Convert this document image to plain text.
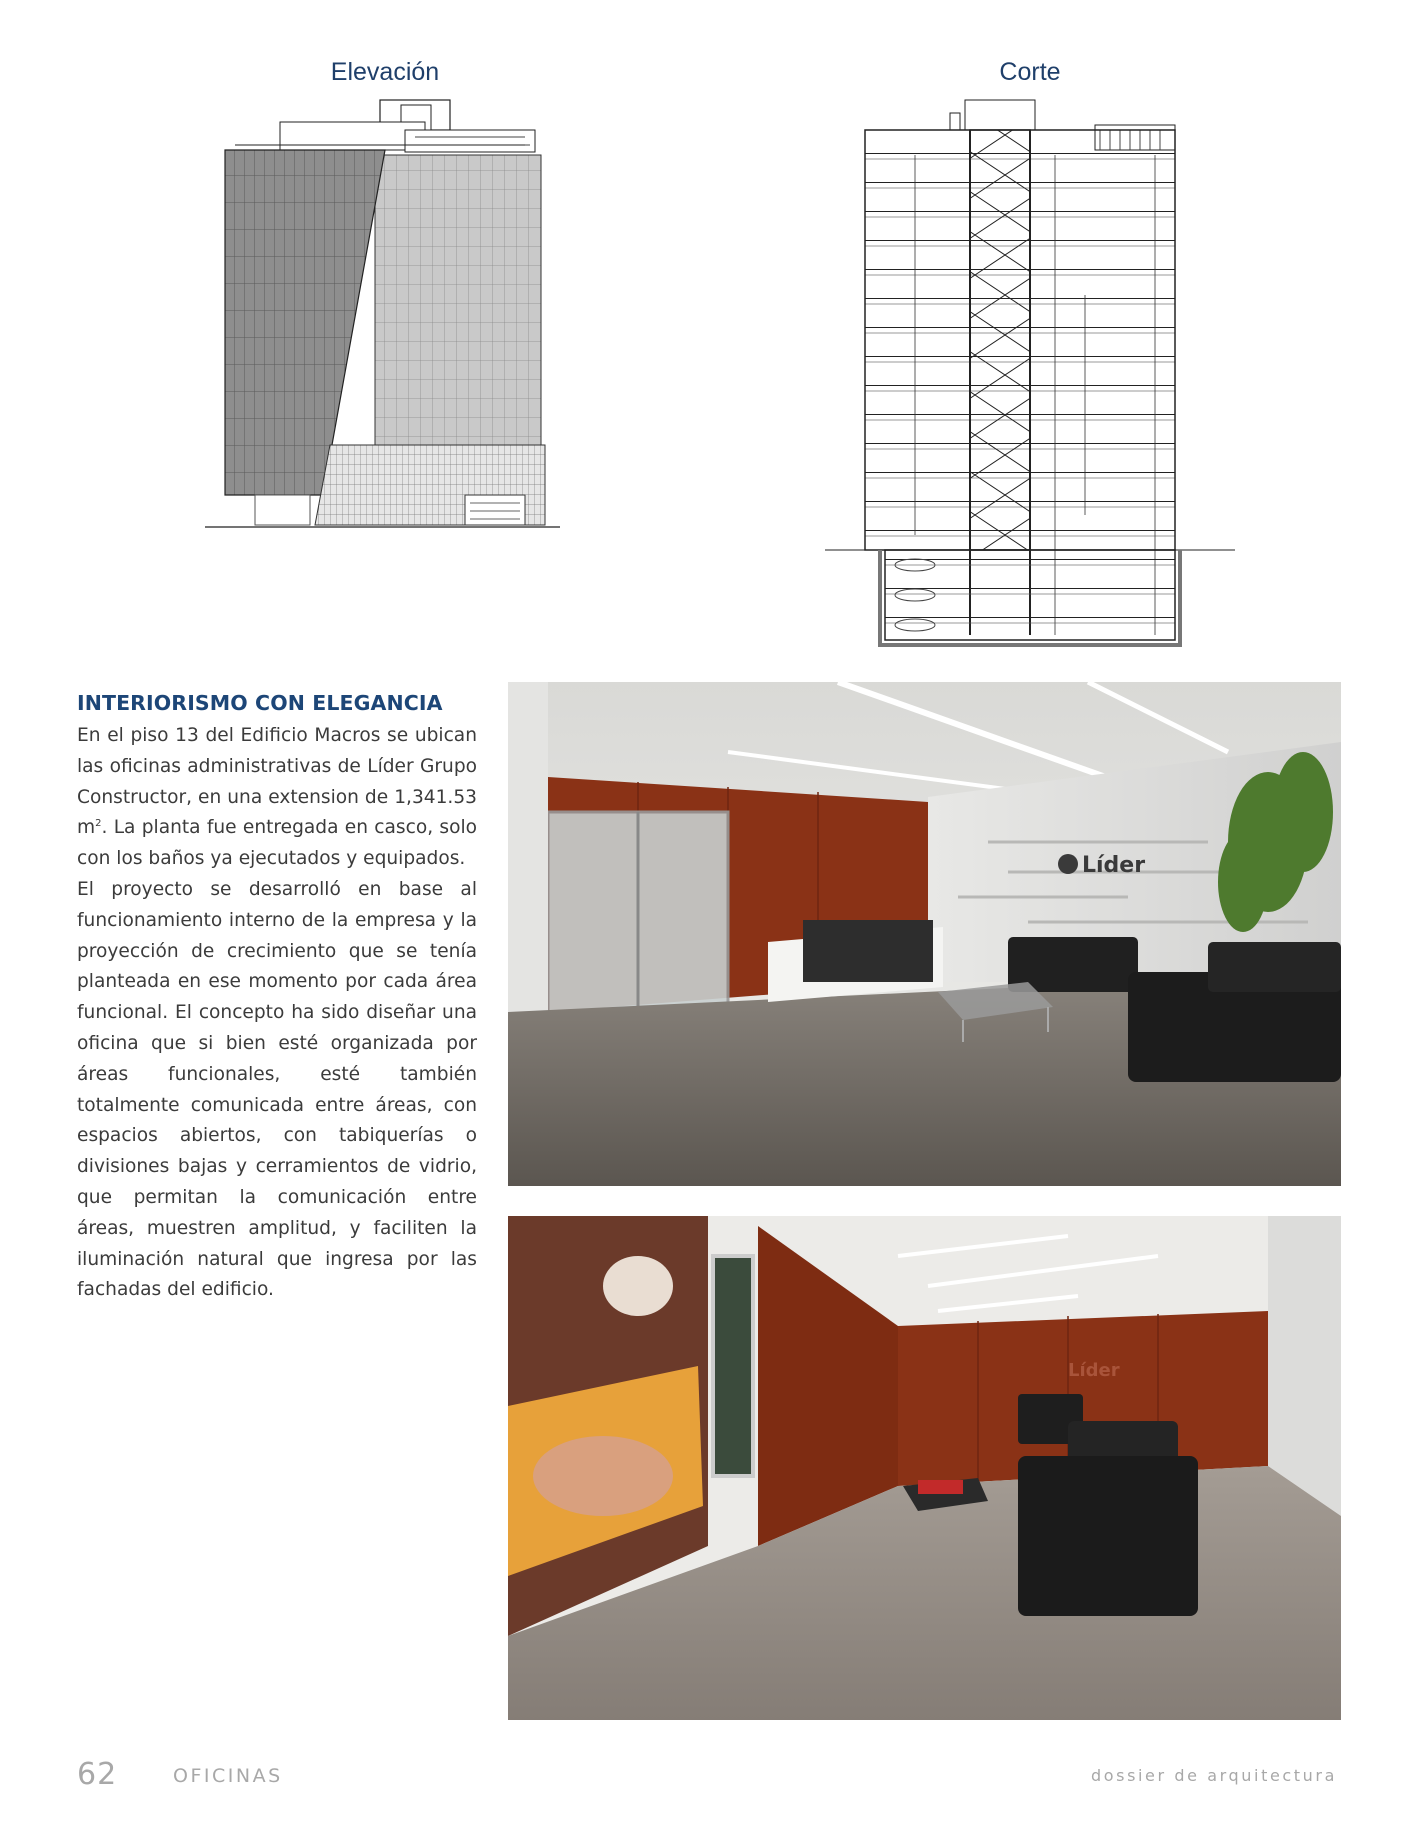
Elevación	Corte
INTERIORISMO CON ELEGANCIA

En el piso 13 del Edificio Macros se ubican las oficinas administrativas de Líder Grupo Constructor, en una extension de 1,341.53 $m^2$. La planta fue entregada en casco, solo con los baños ya ejecutados y equipados.

El proyecto se desarrolló en base al funcionamiento interno de la empresa y la proyección de crecimiento que se tenía planteada en ese momento por cada área funcional. El concepto ha sido diseñar una oficina que si bien esté organizada por áreas funcionales, esté también totalmente comunicada entre áreas, con espacios abiertos, con tabiquerías o divisiones bajas y cerramientos de vidrio, que permitan la comunicación entre áreas, muestren amplitud, y faciliten la iluminación natural que ingresa por las fachadas del edificio.

Líder
Líder
62	OFICINAS	dossier de arquitectura
